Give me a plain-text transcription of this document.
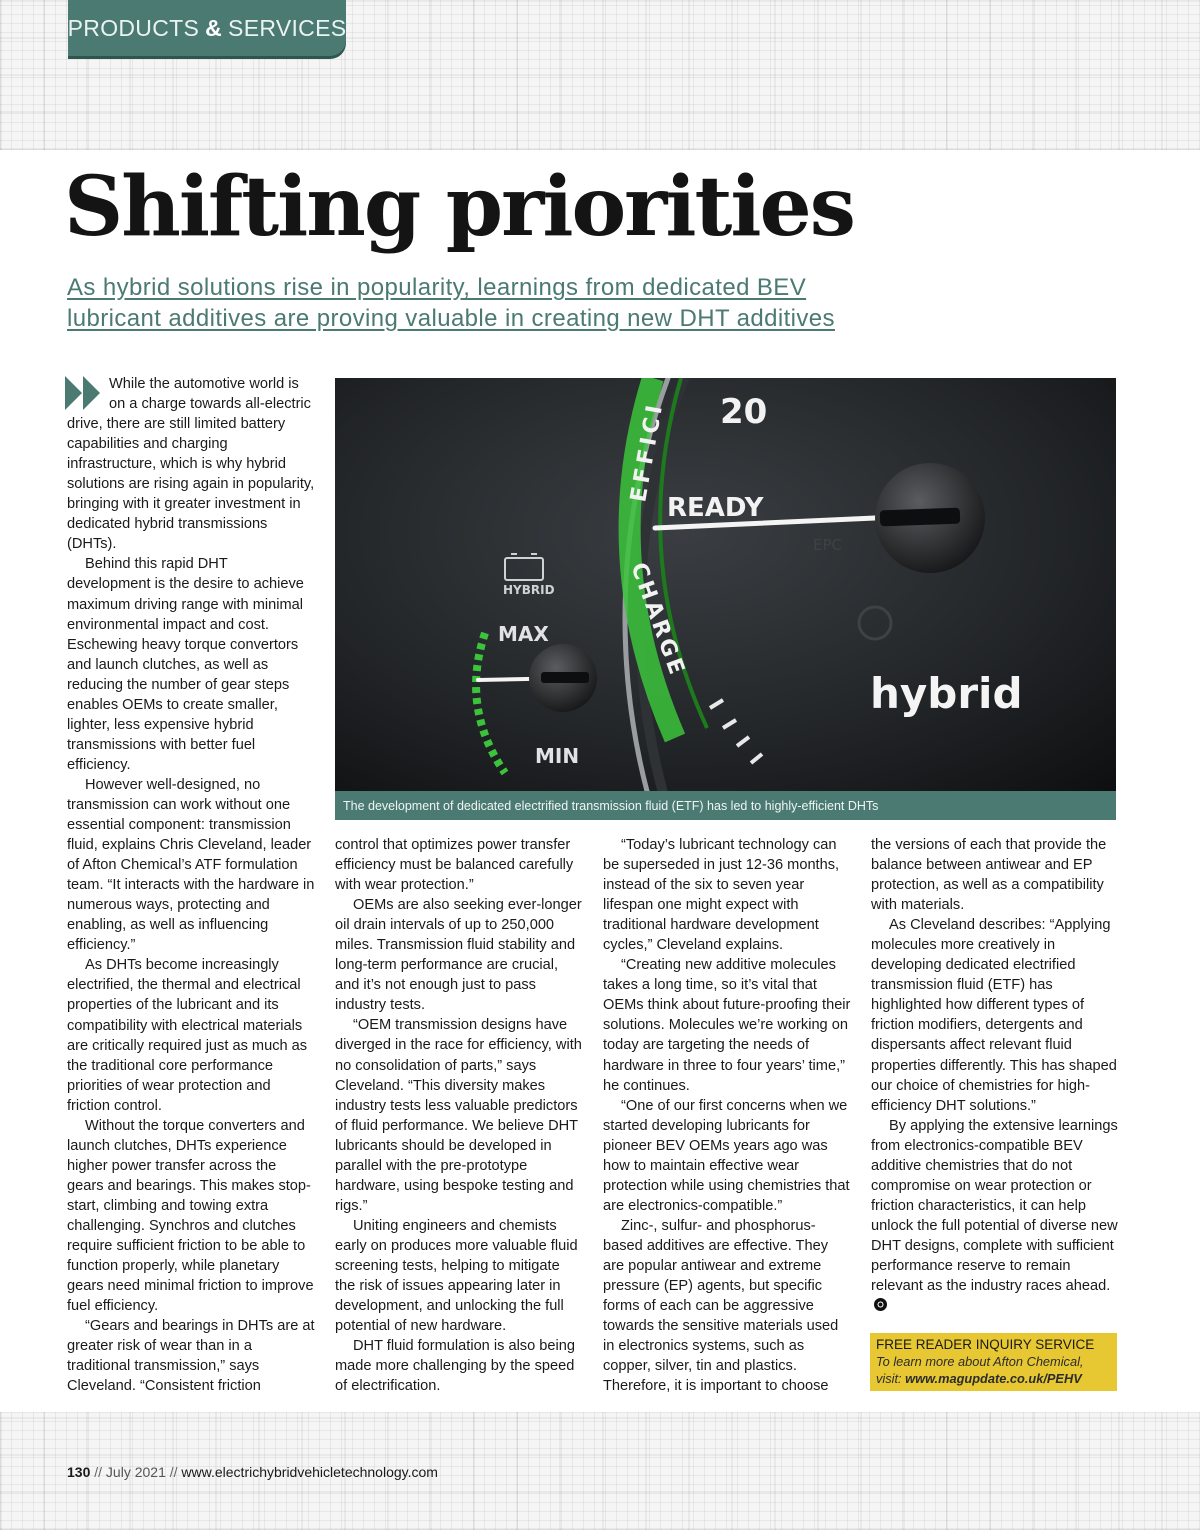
PRODUCTS & SERVICES
Shifting priorities
As hybrid solutions rise in popularity, learnings from dedicated BEV lubricant additives are proving valuable in creating new DHT additives

While the automotive world is on a charge towards all-electric drive, there are still limited battery capabilities and charging infrastructure, which is why hybrid solutions are rising again in popularity, bringing with it greater investment in dedicated hybrid transmissions (DHTs).

Behind this rapid DHT development is the desire to achieve maximum driving range with minimal environmental impact and cost. Eschewing heavy torque convertors and launch clutches, as well as reducing the number of gear steps enables OEMs to create smaller, lighter, less expensive hybrid transmissions with better fuel efficiency.

However well-designed, no transmission can work without one essential component: transmission fluid, explains Chris Cleveland, leader of Afton Chemical’s ATF formulation team. “It interacts with the hardware in numerous ways, protecting and enabling, as well as influencing efficiency.”

As DHTs become increasingly electrified, the thermal and electrical properties of the lubricant and its compatibility with electrical materials are critically required just as much as the traditional core performance priorities of wear protection and friction control.

Without the torque converters and launch clutches, DHTs experience higher power transfer across the gears and bearings. This makes stop-start, climbing and towing extra challenging. Synchros and clutches require sufficient friction to be able to function properly, while planetary gears need minimal friction to improve fuel efficiency.

“Gears and bearings in DHTs are at greater risk of wear than in a traditional transmission,” says Cleveland. “Consistent friction

20
EFFICI
READY
CHARGE
EPC
hybrid
HYBRID
MAX
MIN
The development of dedicated electrified transmission fluid (ETF) has led to highly-efficient DHTs

control that optimizes power transfer efficiency must be balanced carefully with wear protection.”

OEMs are also seeking ever-longer oil drain intervals of up to 250,000 miles. Transmission fluid stability and long-term performance are crucial, and it’s not enough just to pass industry tests.

“OEM transmission designs have diverged in the race for efficiency, with no consolidation of parts,” says Cleveland. “This diversity makes industry tests less valuable predictors of fluid performance. We believe DHT lubricants should be developed in parallel with the pre-prototype hardware, using bespoke testing and rigs.”

Uniting engineers and chemists early on produces more valuable fluid screening tests, helping to mitigate the risk of issues appearing later in development, and unlocking the full potential of new hardware.

DHT fluid formulation is also being made more challenging by the speed of electrification.

“Today’s lubricant technology can be superseded in just 12-36 months, instead of the six to seven year lifespan one might expect with traditional hardware development cycles,” Cleveland explains.

“Creating new additive molecules takes a long time, so it’s vital that OEMs think about future-proofing their solutions. Molecules we’re working on today are targeting the needs of hardware in three to four years’ time,” he continues.

“One of our first concerns when we started developing lubricants for pioneer BEV OEMs years ago was how to maintain effective wear protection while using chemistries that are electronics-compatible.”

Zinc-, sulfur- and phosphorus-based additives are effective. They are popular antiwear and extreme pressure (EP) agents, but specific forms of each can be aggressive towards the sensitive materials used in electronics systems, such as copper, silver, tin and plastics. Therefore, it is important to choose

the versions of each that provide the balance between antiwear and EP protection, as well as a compatibility with materials.

As Cleveland describes: “Applying molecules more creatively in developing dedicated electrified transmission fluid (ETF) has highlighted how different types of friction modifiers, detergents and dispersants affect relevant fluid properties differently. This has shaped our choice of chemistries for high-efficiency DHT solutions.”

By applying the extensive learnings from electronics-compatible BEV additive chemistries that do not compromise on wear protection or friction characteristics, it can help unlock the full potential of diverse new DHT designs, complete with sufficient performance reserve to remain relevant as the industry races ahead.

FREE READER INQUIRY SERVICE
To learn more about Afton Chemical,
visit: www.magupdate.co.uk/PEHV
130 // July 2021 // www.electrichybridvehicletechnology.com
